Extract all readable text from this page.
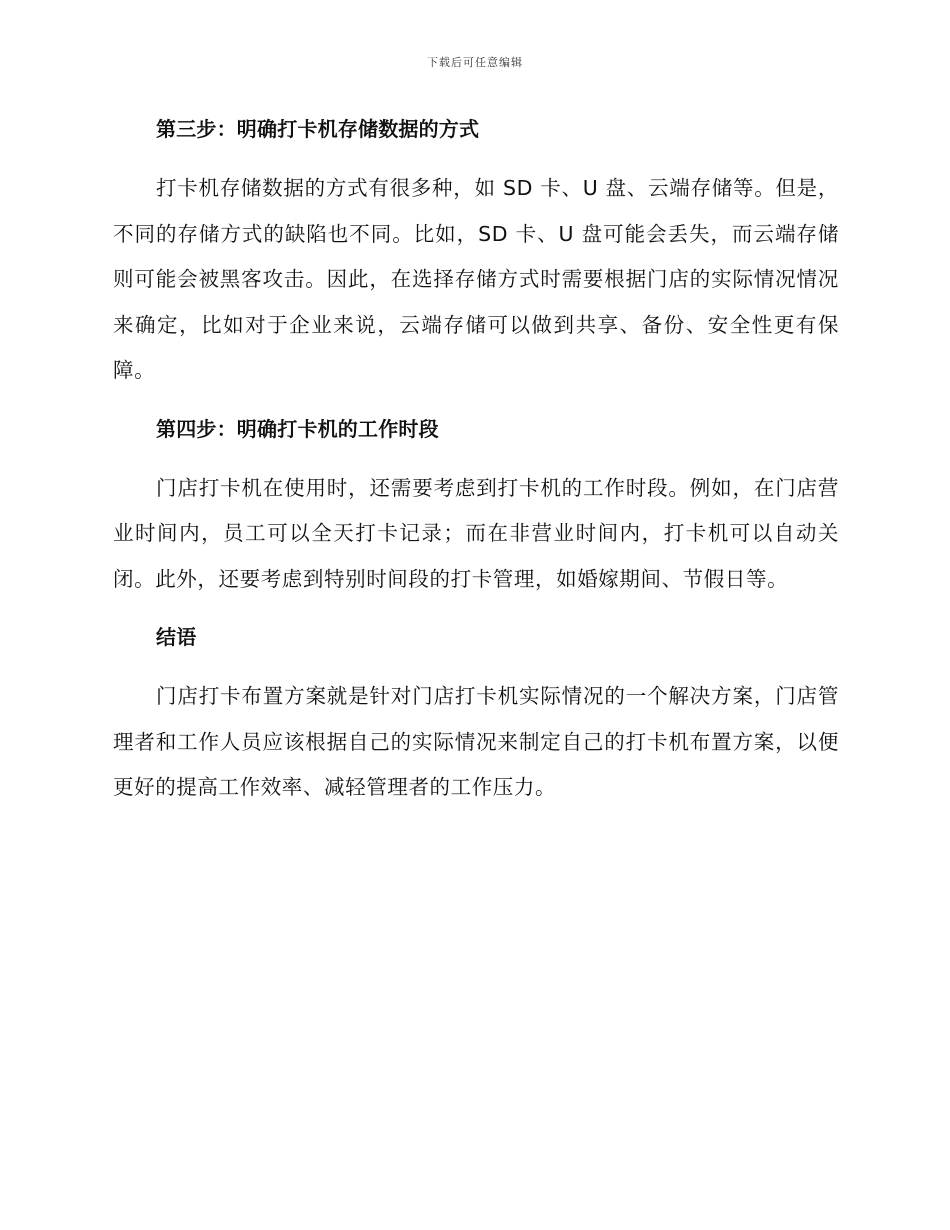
下载后可任意编辑
第三步：明确打卡机存储数据的方式

打卡机存储数据的方式有很多种，如 SD 卡、U 盘、云端存储等。但是，不同的存储方式的缺陷也不同。比如，SD 卡、U 盘可能会丢失，而云端存储则可能会被黑客攻击。因此，在选择存储方式时需要根据门店的实际情况情况来确定，比如对于企业来说，云端存储可以做到共享、备份、安全性更有保障。

第四步：明确打卡机的工作时段

门店打卡机在使用时，还需要考虑到打卡机的工作时段。例如，在门店营业时间内，员工可以全天打卡记录；而在非营业时间内，打卡机可以自动关闭。此外，还要考虑到特别时间段的打卡管理，如婚嫁期间、节假日等。

结语

门店打卡布置方案就是针对门店打卡机实际情况的一个解决方案，门店管理者和工作人员应该根据自己的实际情况来制定自己的打卡机布置方案，以便更好的提高工作效率、减轻管理者的工作压力。
